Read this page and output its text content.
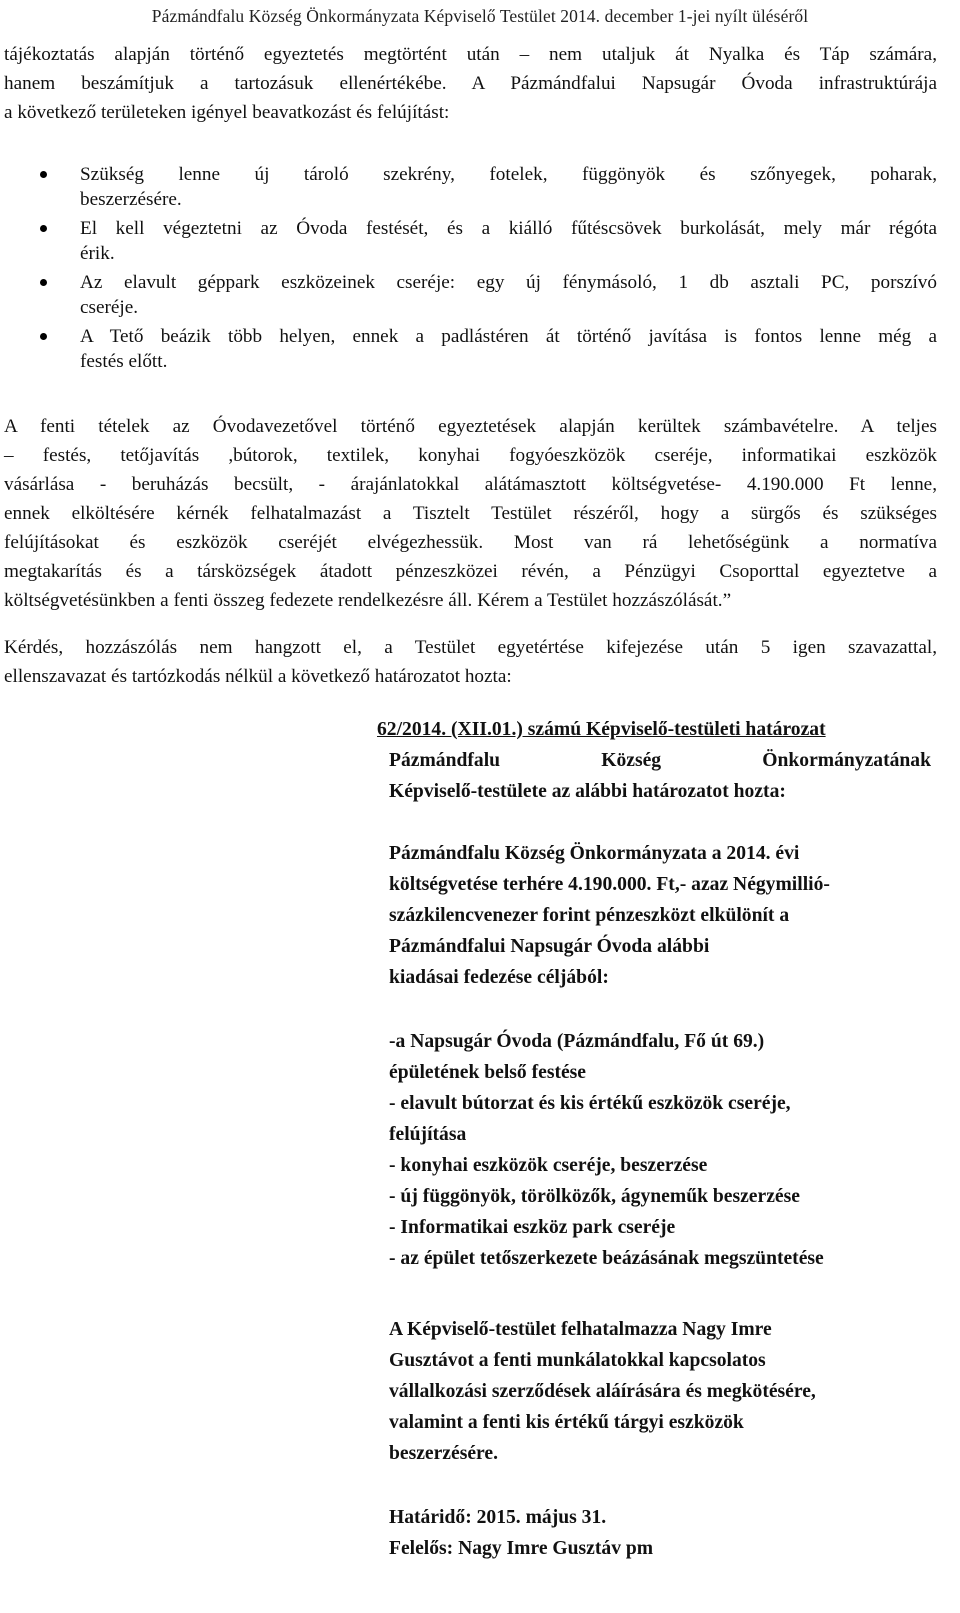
Pázmándfalu Község Önkormányzata Képviselő Testület 2014. december 1-jei nyílt üléséről
tájékoztatás alapján történő egyeztetés megtörtént után – nem utaljuk át Nyalka és Táp számára,
hanem beszámítjuk a tartozásuk ellenértékébe. A Pázmándfalui Napsugár Óvoda infrastruktúrája
a következő területeken igényel beavatkozást és felújítást:
Szükség lenne új tároló szekrény, fotelek, függönyök és szőnyegek, poharak,
beszerzésére.
El kell végeztetni az Óvoda festését, és a kiálló fűtéscsövek burkolását, mely már régóta
érik.
Az elavult géppark eszközeinek cseréje: egy új fénymásoló, 1 db asztali PC, porszívó
cseréje.
A Tető beázik több helyen, ennek a padlástéren át történő javítása is fontos lenne még a
festés előtt.
A fenti tételek az Óvodavezetővel történő egyeztetések alapján kerültek számbavételre. A teljes
– festés, tetőjavítás ,bútorok, textilek, konyhai fogyóeszközök cseréje, informatikai eszközök
vásárlása - beruházás becsült, - árajánlatokkal alátámasztott költségvetése- 4.190.000 Ft lenne,
ennek elköltésére kérnék felhatalmazást a Tisztelt Testület részéről, hogy a sürgős és szükséges
felújításokat és eszközök cseréjét elvégezhessük. Most van rá lehetőségünk a normatíva
megtakarítás és a társközségek átadott pénzeszközei révén, a Pénzügyi Csoporttal egyeztetve a
költségvetésünkben a fenti összeg fedezete rendelkezésre áll. Kérem a Testület hozzászólását.”
Kérdés, hozzászólás nem hangzott el, a Testület egyetértése kifejezése után 5 igen szavazattal,
ellenszavazat és tartózkodás nélkül a következő határozatot hozta:
62/2014. (XII.01.) számú Képviselő-testületi határozat
Pázmándfalu Község Önkormányzatának
Képviselő-testülete az alábbi határozatot hozta:
Pázmándfalu Község Önkormányzata a 2014. évi
költségvetése terhére 4.190.000. Ft,- azaz Négymillió-
százkilencvenezer forint pénzeszközt elkülönít a
Pázmándfalui Napsugár Óvoda alábbi
kiadásai fedezése céljából:
-a Napsugár Óvoda (Pázmándfalu, Fő út 69.)
épületének belső festése
- elavult bútorzat és kis értékű eszközök cseréje,
felújítása
- konyhai eszközök cseréje, beszerzése
- új függönyök, törölközők, ágyneműk beszerzése
- Informatikai eszköz park cseréje
- az épület tetőszerkezete beázásának megszüntetése
A Képviselő-testület felhatalmazza Nagy Imre
Gusztávot a fenti munkálatokkal kapcsolatos
vállalkozási szerződések aláírására és megkötésére,
valamint a fenti kis értékű tárgyi eszközök
beszerzésére.
Határidő: 2015. május 31.
Felelős: Nagy Imre Gusztáv pm
